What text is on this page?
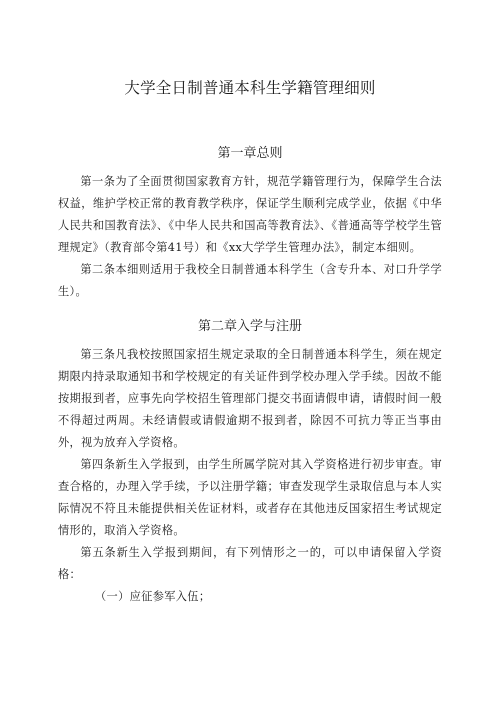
大学全日制普通本科生学籍管理细则
第一章总则

第一条为了全面贯彻国家教育方针，规范学籍管理行为，保障学生合法权益，维护学校正常的教育教学秩序，保证学生顺利完成学业，依据《中华人民共和国教育法》、《中华人民共和国高等教育法》、《普通高等学校学生管理规定》（教育部令第41号）和《xx大学学生管理办法》，制定本细则。

第二条本细则适用于我校全日制普通本科学生（含专升本、对口升学学生）。

第二章入学与注册

第三条凡我校按照国家招生规定录取的全日制普通本科学生，须在规定期限内持录取通知书和学校规定的有关证件到学校办理入学手续。因故不能按期报到者，应事先向学校招生管理部门提交书面请假申请，请假时间一般不得超过两周。未经请假或请假逾期不报到者，除因不可抗力等正当事由外，视为放弃入学资格。

第四条新生入学报到，由学生所属学院对其入学资格进行初步审查。审查合格的，办理入学手续，予以注册学籍；审查发现学生录取信息与本人实际情况不符且未能提供相关佐证材料，或者存在其他违反国家招生考试规定情形的，取消入学资格。

第五条新生入学报到期间，有下列情形之一的，可以申请保留入学资格：

（一）应征参军入伍；
